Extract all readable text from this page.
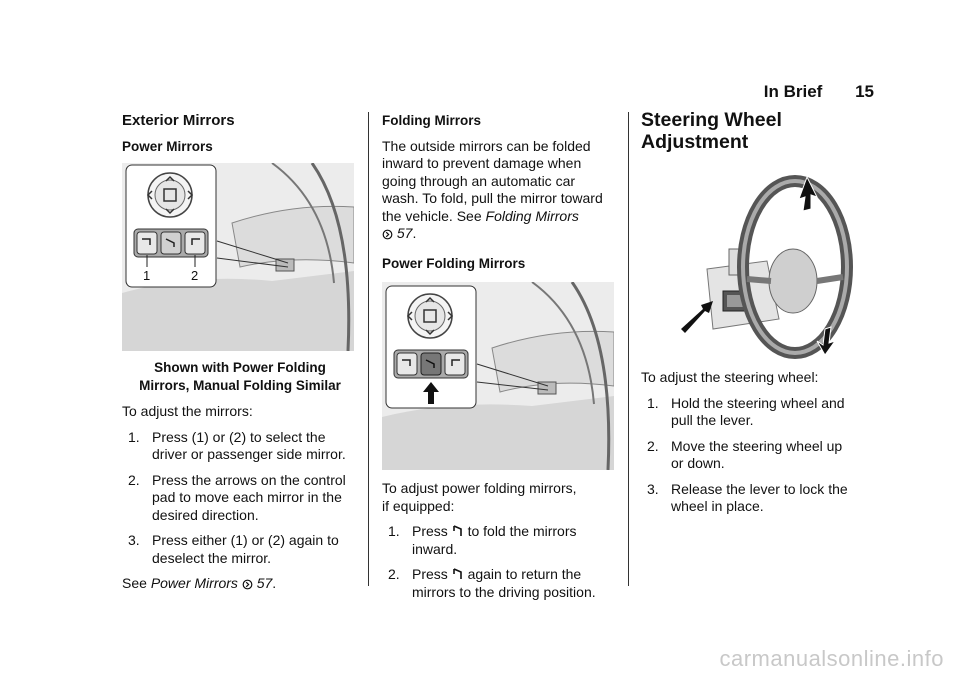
In Brief 15
Exterior Mirrors
Power Mirrors
1	2
Shown with Power Folding
Mirrors, Manual Folding Similar

To adjust the mirrors:

1. Press (1) or (2) to select the
driver or passenger side mirror.
2. Press the arrows on the control
pad to move each mirror in the
desired direction.
3. Press either (1) or (2) again to
deselect the mirror.

See Power Mirrors 57.

Folding Mirrors

The outside mirrors can be folded
inward to prevent damage when
going through an automatic car
wash. To fold, pull the mirror toward
the vehicle. See Folding Mirrors
57.

Power Folding Mirrors

To adjust power folding mirrors,
if equipped:

1. Press  to fold the mirrors
inward.
2. Press  again to return the
mirrors to the driving position.
Steering Wheel
Adjustment

To adjust the steering wheel:

1. Hold the steering wheel and
pull the lever.
2. Move the steering wheel up
or down.
3. Release the lever to lock the
wheel in place.
carmanualsonline.info
